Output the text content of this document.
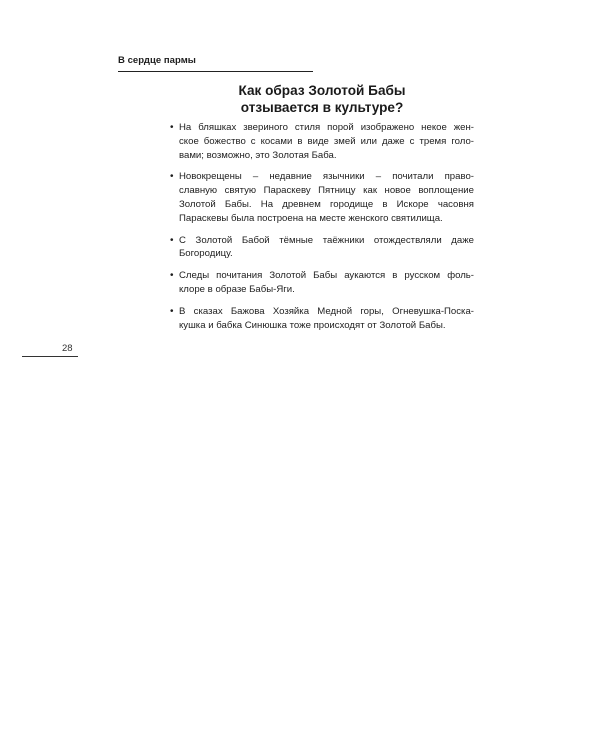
В сердце пармы
Как образ Золотой Бабы
отзывается в культуре?
• На бляшках звериного стиля порой изображено некое жен-
ское божество с косами в виде змей или даже с тремя голо-
вами; возможно, это Золотая Баба.
• Новокрещены – недавние язычники – почитали право-
славную святую Параскеву Пятницу как новое воплощение
Золотой Бабы. На древнем городище в Искоре часовня
Параскевы была построена на месте женского святилища.
• С Золотой Бабой тёмные таёжники отождествляли даже
Богородицу.
• Следы почитания Золотой Бабы аукаются в русском фоль-
клоре в образе Бабы-Яги.
• В сказах Бажова Хозяйка Медной горы, Огневушка-Поска-
кушка и бабка Синюшка тоже происходят от Золотой Бабы.
28
